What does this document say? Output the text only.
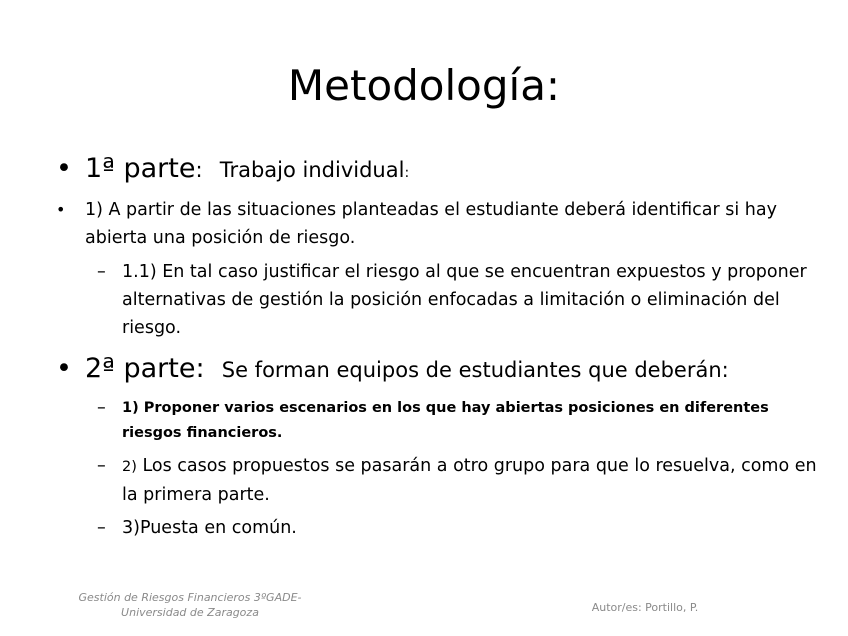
Metodología:
• 1ª parte: Trabajo individual:
• 1) A partir de las situaciones planteadas el estudiante deberá identificar si hay abierta una posición de riesgo.
– 1.1) En tal caso justificar el riesgo al que se encuentran expuestos y proponer alternativas de gestión la posición enfocadas a limitación o eliminación del riesgo.
• 2ª parte: Se forman equipos de estudiantes que deberán:
– 1) Proponer varios escenarios en los que hay abiertas posiciones en diferentes riesgos financieros.
– 2) Los casos propuestos se pasarán a otro grupo para que lo resuelva, como en la primera parte.
– 3)Puesta en común.
Gestión de Riesgos Financieros 3ºGADE-
Universidad de Zaragoza	Autor/es: Portillo, P.
